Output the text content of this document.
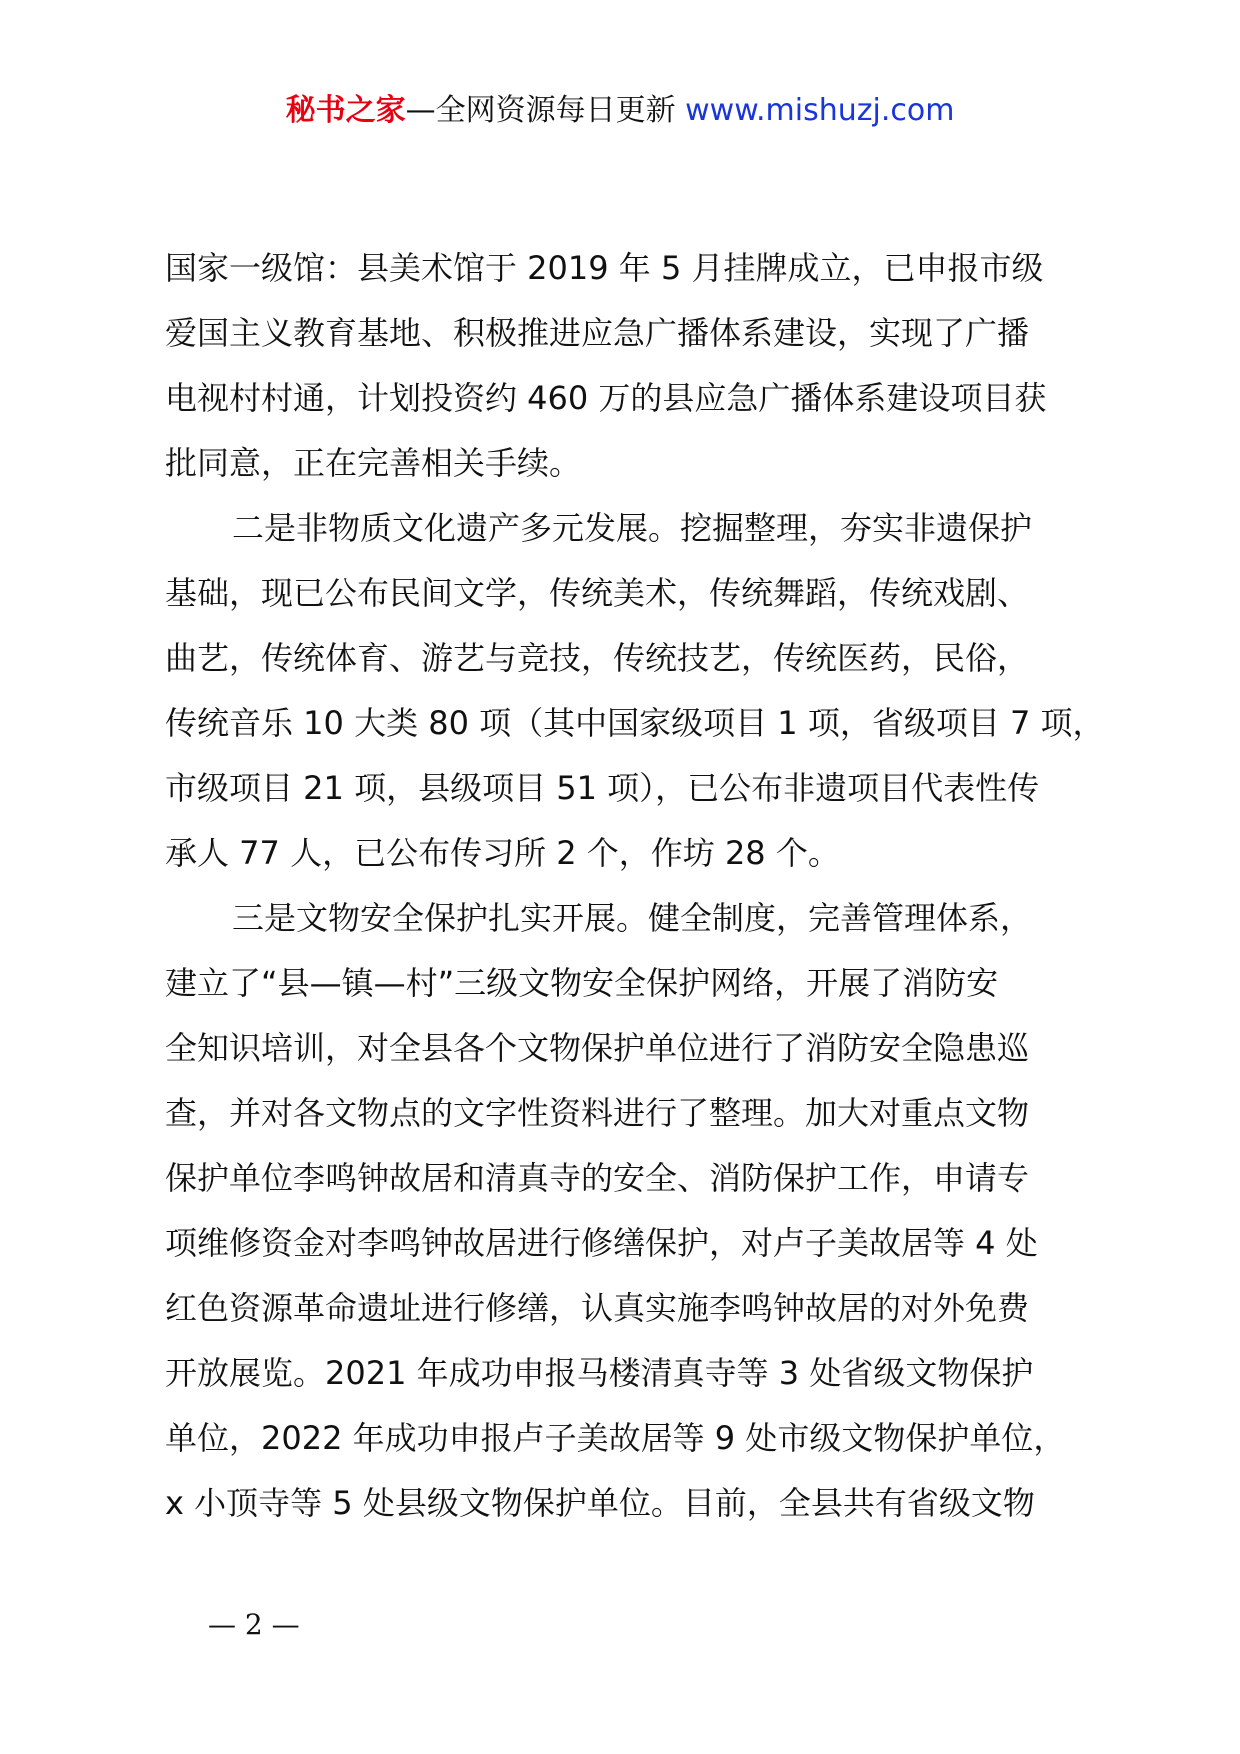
秘书之家—全网资源每日更新 www.mishuzj.com
国家一级馆：县美术馆于 2019 年 5 月挂牌成立，已申报市级
爱国主义教育基地、积极推进应急广播体系建设，实现了广播
电视村村通，计划投资约 460 万的县应急广播体系建设项目获
批同意，正在完善相关手续。
二是非物质文化遗产多元发展。挖掘整理，夯实非遗保护
基础，现已公布民间文学，传统美术，传统舞蹈，传统戏剧、
曲艺，传统体育、游艺与竞技，传统技艺，传统医药，民俗，
传统音乐 10 大类 80 项（其中国家级项目 1 项，省级项目 7 项，
市级项目 21 项，县级项目 51 项），已公布非遗项目代表性传
承人 77 人，已公布传习所 2 个，作坊 28 个。
三是文物安全保护扎实开展。健全制度，完善管理体系，
建立了“县—镇—村”三级文物安全保护网络，开展了消防安
全知识培训，对全县各个文物保护单位进行了消防安全隐患巡
查，并对各文物点的文字性资料进行了整理。加大对重点文物
保护单位李鸣钟故居和清真寺的安全、消防保护工作，申请专
项维修资金对李鸣钟故居进行修缮保护，对卢子美故居等 4 处
红色资源革命遗址进行修缮，认真实施李鸣钟故居的对外免费
开放展览。2021 年成功申报马楼清真寺等 3 处省级文物保护
单位，2022 年成功申报卢子美故居等 9 处市级文物保护单位，
x 小顶寺等 5 处县级文物保护单位。目前，全县共有省级文物
— 2 —
